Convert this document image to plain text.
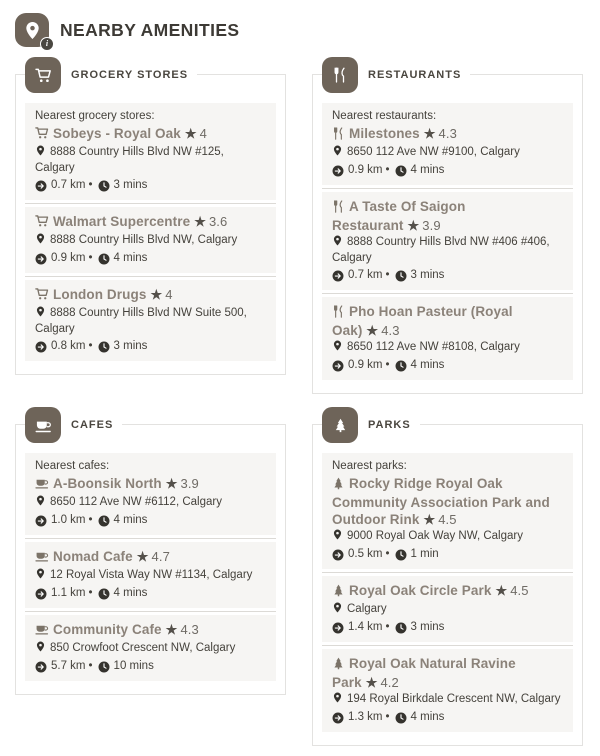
i
NEARBY AMENITIES
GROCERY STORES
Nearest grocery stores:
Sobeys - Royal Oak ★ 4
8888 Country Hills Blvd NW #125, Calgary
0.7 km • 3 mins
Walmart Supercentre ★ 3.6
8888 Country Hills Blvd NW, Calgary
0.9 km • 4 mins
London Drugs ★ 4
8888 Country Hills Blvd NW Suite 500, Calgary
0.8 km • 3 mins
RESTAURANTS
Nearest restaurants:
Milestones ★ 4.3
8650 112 Ave NW #9100, Calgary
0.9 km • 4 mins
A Taste Of Saigon Restaurant ★ 3.9
8888 Country Hills Blvd NW #406 #406, Calgary
0.7 km • 3 mins
Pho Hoan Pasteur (Royal Oak) ★ 4.3
8650 112 Ave NW #8108, Calgary
0.9 km • 4 mins
CAFES
Nearest cafes:
A-Boonsik North ★ 3.9
8650 112 Ave NW #6112, Calgary
1.0 km • 4 mins
Nomad Cafe ★ 4.7
12 Royal Vista Way NW #1134, Calgary
1.1 km • 4 mins
Community Cafe ★ 4.3
850 Crowfoot Crescent NW, Calgary
5.7 km • 10 mins
PARKS
Nearest parks:
Rocky Ridge Royal Oak Community Association Park and Outdoor Rink ★ 4.5
9000 Royal Oak Way NW, Calgary
0.5 km • 1 min
Royal Oak Circle Park ★ 4.5
Calgary
1.4 km • 3 mins
Royal Oak Natural Ravine Park ★ 4.2
194 Royal Birkdale Crescent NW, Calgary
1.3 km • 4 mins
